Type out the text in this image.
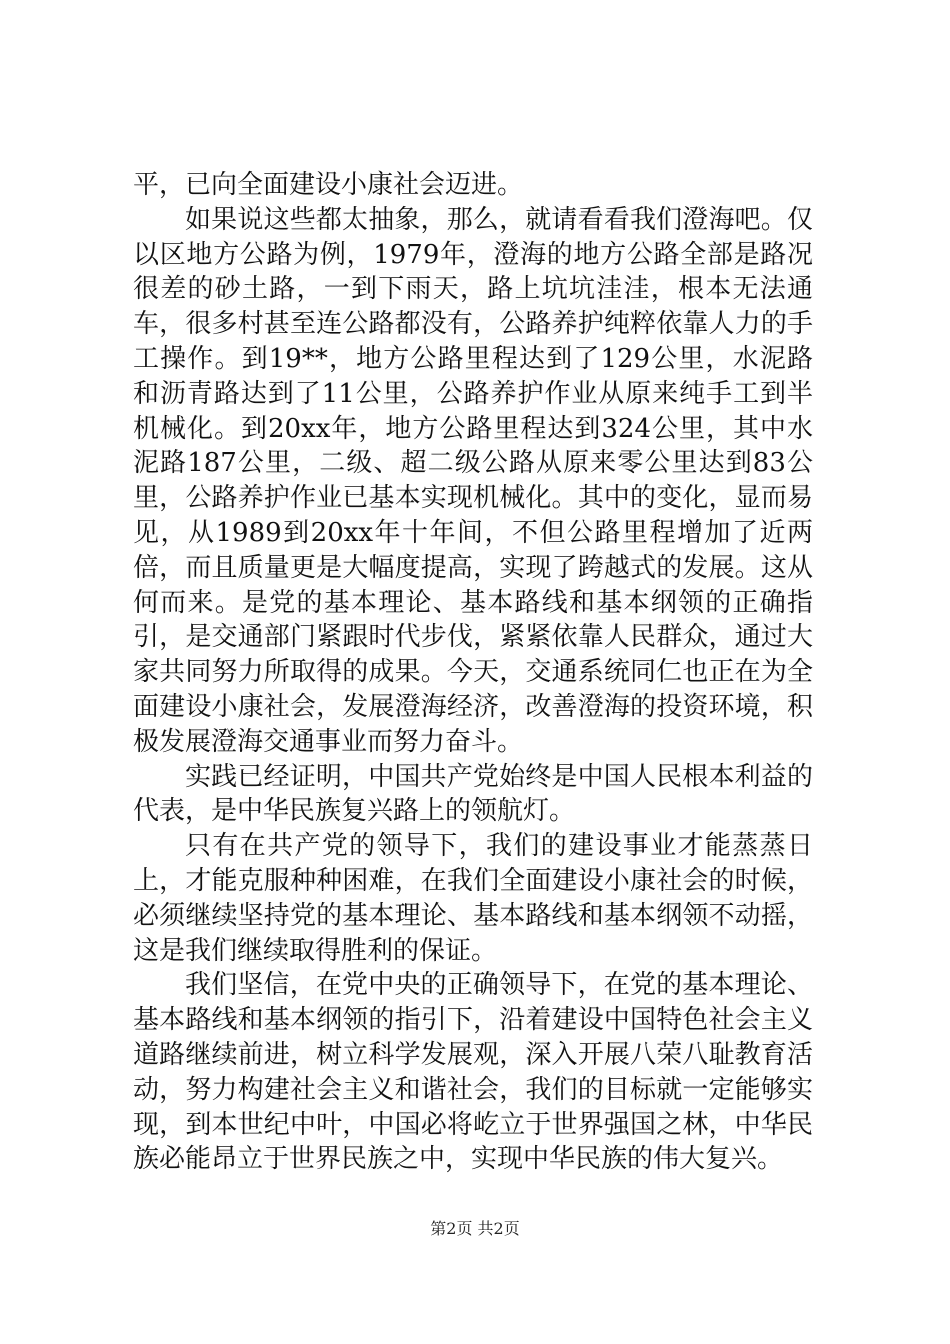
平，已向全面建设小康社会迈进。

如果说这些都太抽象，那么，就请看看我们澄海吧。仅以区地方公路为例，1979年，澄海的地方公路全部是路况很差的砂土路，一到下雨天，路上坑坑洼洼，根本无法通车，很多村甚至连公路都没有，公路养护纯粹依靠人力的手工操作。到19**，地方公路里程达到了129公里，水泥路和沥青路达到了11公里，公路养护作业从原来纯手工到半机械化。到20xx年，地方公路里程达到324公里，其中水泥路187公里，二级、超二级公路从原来零公里达到83公里，公路养护作业已基本实现机械化。其中的变化，显而易见，从1989到20xx年十年间，不但公路里程增加了近两倍，而且质量更是大幅度提高，实现了跨越式的发展。这从何而来。是党的基本理论、基本路线和基本纲领的正确指引，是交通部门紧跟时代步伐，紧紧依靠人民群众，通过大家共同努力所取得的成果。今天，交通系统同仁也正在为全面建设小康社会，发展澄海经济，改善澄海的投资环境，积极发展澄海交通事业而努力奋斗。

实践已经证明，中国共产党始终是中国人民根本利益的代表，是中华民族复兴路上的领航灯。

只有在共产党的领导下，我们的建设事业才能蒸蒸日上，才能克服种种困难，在我们全面建设小康社会的时候，必须继续坚持党的基本理论、基本路线和基本纲领不动摇，这是我们继续取得胜利的保证。

我们坚信，在党中央的正确领导下，在党的基本理论、基本路线和基本纲领的指引下，沿着建设中国特色社会主义道路继续前进，树立科学发展观，深入开展八荣八耻教育活动，努力构建社会主义和谐社会，我们的目标就一定能够实现，到本世纪中叶，中国必将屹立于世界强国之林，中华民族必能昂立于世界民族之中，实现中华民族的伟大复兴。

第2页 共2页
